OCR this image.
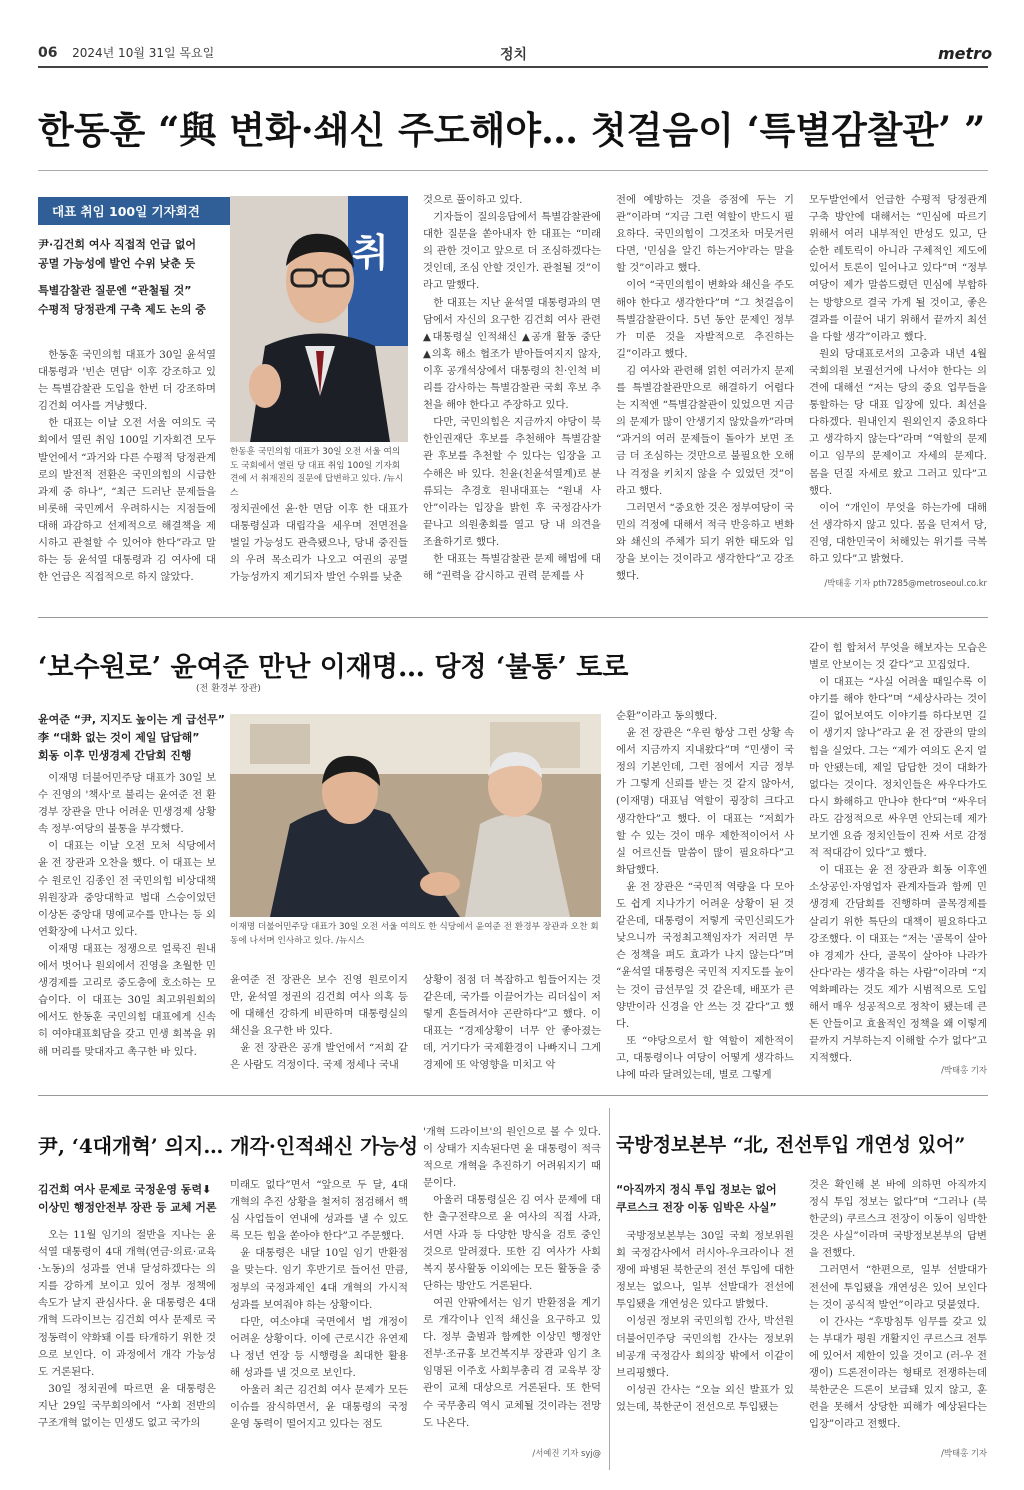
06 2024년 10월 31일 목요일	정치	metro
한동훈 “與 변화·쇄신 주도해야… 첫걸음이 ‘특별감찰관’ ”
대표 취임 100일 기자회견
尹·김건희 여사 직접적 언급 없어
공멸 가능성에 발언 수위 낮춘 듯
특별감찰관 질문엔 “관철될 것”
수평적 당정관계 구축 제도 논의 중

한동훈 국민의힘 대표가 30일 윤석열 대통령과 '빈손 면담' 이후 강조하고 있는 특별감찰관 도입을 한번 더 강조하며 김건희 여사를 겨냥했다.

한 대표는 이날 오전 서울 여의도 국회에서 열린 취임 100일 기자회견 모두 발언에서 “과거와 다른 수평적 당정관계로의 발전적 전환은 국민의힘의 시급한 과제 중 하나”, “최근 드러난 문제들을 비롯해 국민께서 우려하시는 지점들에 대해 과감하고 선제적으로 해결책을 제시하고 관철할 수 있어야 한다”라고 말하는 등 윤석열 대통령과 김 여사에 대한 언급은 직접적으로 하지 않았다.

취
한동훈 국민의힘 대표가 30일 오전 서울 여의도 국회에서 열린 당 대표 취임 100일 기자회견에 서 취재진의 질문에 답변하고 있다. /뉴시스

정치권에선 윤·한 면담 이후 한 대표가 대통령실과 대립각을 세우며 전면전을 벌일 가능성도 관측됐으나, 당내 중진들의 우려 목소리가 나오고 여권의 공멸 가능성까지 제기되자 발언 수위를 낮춘

것으로 풀이하고 있다.

기자들이 질의응답에서 특별감찰관에 대한 질문을 쏟아내자 한 대표는 “미래의 관한 것이고 앞으로 더 조심하겠다는 것인데, 조심 안할 것인가. 관철될 것”이라고 말했다.

한 대표는 지난 윤석열 대통령과의 면담에서 자신의 요구한 김건희 여사 관련 ▲대통령실 인적쇄신 ▲공개 활동 중단 ▲의혹 해소 협조가 받아들여지지 않자, 이후 공개석상에서 대통령의 친·인척 비리를 감사하는 특별감찰관 국회 후보 추천을 해야 한다고 주장하고 있다.

다만, 국민의힘은 지금까지 야당이 북한인권재단 후보를 추천해야 특별감찰관 후보를 추천할 수 있다는 입장을 고수해은 바 있다. 친윤(친윤석열계)로 분류되는 추경호 원내대표는 “원내 사안”이라는 입장을 밝힌 후 국정감사가 끝나고 의원총회를 열고 당 내 의견을 조율하기로 했다.

한 대표는 특별감찰관 문제 해법에 대해 “권력을 감시하고 권력 문제를 사

전에 예방하는 것을 증점에 두는 기관”이라며 “지금 그런 역할이 반드시 필요하다. 국민의힘이 그것조차 머뭇거린다면, '민심을 알긴 하는거야'라는 말을 할 것”이라고 했다.

이어 “국민의힘이 변화와 쇄신을 주도해야 한다고 생각한다”며 “그 첫걸음이 특별감찰관이다. 5년 동안 문제인 정부가 미룬 것을 자발적으로 추진하는 길”이라고 했다.

김 여사와 관련해 얽힌 여러가지 문제를 특별감찰관만으로 해결하기 어렵다는 지적엔 “특별감찰관이 있었으면 지금의 문제가 많이 안생기지 않았을까”라며 “과거의 여러 문제들이 돌아가 보면 조금 더 조심하는 것만으로 불필요한 오해나 걱정을 키치지 않을 수 있었던 것”이라고 했다.

그러면서 “중요한 것은 정부여당이 국민의 걱정에 대해서 적극 반응하고 변화와 쇄신의 주체가 되기 위한 태도와 입장을 보이는 것이라고 생각한다”고 강조했다.

모두발언에서 언급한 수평적 당정관계 구축 방안에 대해서는 “민심에 따르기 위해서 여러 내부적인 반성도 있고, 단순한 레토릭이 아니라 구체적인 제도에 있어서 토론이 일어나고 있다”며 “정부여당이 제가 말씀드렸던 민심에 부합하는 방향으로 결국 가게 될 것이고, 좋은 결과를 이끌어 내기 위해서 끝까지 최선을 다할 생각”이라고 했다.

원외 당대표로서의 고충과 내년 4월 국회의원 보궐선거에 나서야 한다는 의견에 대해선 “저는 당의 중요 업무들을 통할하는 당 대표 입장에 있다. 최선을 다하겠다. 원내인지 원외인지 중요하다고 생각하지 않는다”라며 “역할의 문제이고 임무의 문제이고 자세의 문제다. 몸을 던질 자세로 왔고 그러고 있다”고 했다.

이어 “개인이 무엇을 하는가에 대해 선 생각하지 않고 있다. 몸을 던져서 당, 진영, 대한민국이 처해있는 위기를 극복하고 있다”고 밝혔다.

/박태홍 기자 pth7285@metroseoul.co.kr
‘보수원로’ 윤여준 만난 이재명… 당정 ‘불통’ 토로
(전 환경부 장관)
윤여준 “尹, 지지도 높이는 게 급선무”
李 “대화 없는 것이 제일 답답해”
회동 이후 민생경제 간담회 진행

이재명 더불어민주당 대표가 30일 보수 진영의 '책사'로 불리는 윤여준 전 환경부 장관을 만나 어려운 민생경제 상황 속 정부·여당의 불통을 부각했다.

이 대표는 이날 오전 모처 식당에서 윤 전 장관과 오찬을 했다. 이 대표는 보수 원로인 김종인 전 국민의힘 비상대책위원장과 중앙대학교 법대 스승이었던 이상돈 중앙대 명예교수를 만나는 등 외연확장에 나서고 있다.

이재명 대표는 정쟁으로 얼룩진 원내에서 벗어나 원외에서 진영을 초월한 민생경제를 고리로 중도층에 호소하는 모습이다. 이 대표는 30일 최고위원회의에서도 한동훈 국민의힘 대표에게 신속히 여야대표회담을 갖고 민생 회복을 위해 머리를 맞대자고 촉구한 바 있다.

이재명 더불어민주당 대표가 30일 오전 서울 여의도 한 식당에서 윤여준 전 환경부 장관과 오찬 회동에 나서며 인사하고 있다. /뉴시스

윤여준 전 장관은 보수 진영 원로이지만, 윤석열 정권의 김건희 여사 의혹 등에 대해선 강하게 비판하며 대통령실의 쇄신을 요구한 바 있다.

윤 전 장관은 공개 발언에서 “저희 같은 사람도 걱정이다. 국제 정세나 국내

상황이 점점 더 복잡하고 힘들어지는 것 같은데, 국가를 이끌어가는 리더십이 저렇게 흔들려서야 곤란하다”고 했다. 이 대표는 “경제상황이 너무 안 좋아졌는데, 거기다가 국제환경이 나빠지니 그게 경제에 또 악영향을 미치고 악

순환”이라고 동의했다.

윤 전 장관은 “우린 항상 그런 상황 속에서 지금까지 지내왔다”며 “민생이 국정의 기본인데, 그런 점에서 지금 정부가 그렇게 신뢰를 받는 것 같지 않아서, (이재명) 대표님 역할이 굉장히 크다고 생각한다”고 했다. 이 대표는 “저희가 할 수 있는 것이 매우 제한적이어서 사실 어르신들 말씀이 많이 필요하다”고 화답했다.

윤 전 장관은 “국민적 역량을 다 모아도 쉽게 지나가기 어려운 상황이 된 것 같은데, 대통령이 저렇게 국민신뢰도가 낮으니까 국정최고책임자가 저러면 무슨 정책을 펴도 효과가 나지 않는다”며 “윤석열 대통령은 국민적 지지도를 높이는 것이 급선무일 것 같은데, 배포가 큰 양반이라 신경을 안 쓰는 것 같다”고 했다.

또 “야당으로서 할 역할이 제한적이고, 대통령이나 여당이 어떻게 생각하느냐에 따라 달려있는데, 별로 그렇게

같이 힘 합쳐서 무엇을 해보자는 모습은 별로 안보이는 것 같다”고 꼬집었다.

이 대표는 “사실 어려울 때일수록 이야기를 해야 한다”며 “세상사라는 것이 길이 없어보여도 이야기를 하다보면 길이 생기지 않나”라고 윤 전 장관의 말의 힘을 실었다. 그는 “제가 여의도 온지 얼마 안됐는데, 제일 답답한 것이 대화가 없다는 것이다. 정치인들은 싸우다가도 다시 화해하고 만나야 한다”며 “싸우더라도 감정적으로 싸우면 안되는데 제가 보기엔 요즘 정치인들이 진짜 서로 감정적 적대감이 있다”고 했다.

이 대표는 윤 전 장관과 회동 이후엔 소상공인·자영업자 관계자들과 함께 민생경제 간담회를 진행하며 골목경제를 살리기 위한 특단의 대책이 필요하다고 강조했다. 이 대표는 “저는 '골목이 살아야 경제가 산다, 골목이 살아야 나라가 산다'라는 생각을 하는 사람”이라며 “지역화폐라는 것도 제가 시범적으로 도입해서 매우 성공적으로 정착이 됐는데 큰 돈 안들이고 효율적인 정책을 왜 이렇게 끝까지 거부하는지 이해할 수가 없다”고 지적했다.

/박태홍 기자
尹, ‘4대개혁’ 의지… 개각·인적쇄신 가능성
김건희 여사 문제로 국정운영 동력⬇
이상민 행정안전부 장관 등 교체 거론

오는 11월 임기의 절반을 지나는 윤석열 대통령이 4대 개혁(연금·의료·교육·노동)의 성과를 연내 달성하겠다는 의지를 강하게 보이고 있어 정부 정책에 속도가 날지 관심사다. 윤 대통령은 4대 개혁 드라이브는 김건희 여사 문제로 국정동력이 약화돼 이를 타개하기 위한 것으로 보인다. 이 과정에서 개각 가능성도 거론된다.

30일 정치권에 따르면 윤 대통령은 지난 29일 국무회의에서 “사회 전반의 구조개혁 없이는 민생도 없고 국가의

미래도 없다”면서 “앞으로 두 달, 4대 개혁의 추진 상황을 철저히 점검해서 핵심 사업들이 연내에 성과를 낼 수 있도록 모든 힘을 쏟아야 한다”고 주문했다.

윤 대통령은 내달 10일 임기 반환점을 맞는다. 임기 후반기로 들어선 만큼, 정부의 국정과제인 4대 개혁의 가시적 성과를 보여줘야 하는 상황이다.

다만, 여소야대 국면에서 법 개정이 어려운 상황이다. 이에 근로시간 유연제나 정년 연장 등 시행령을 최대한 활용해 성과를 낼 것으로 보인다.

아울러 최근 김건희 여사 문제가 모든 이슈를 잠식하면서, 윤 대통령의 국정 운영 동력이 떨어지고 있다는 점도

'개혁 드라이브'의 원인으로 볼 수 있다. 이 상태가 지속된다면 윤 대통령이 적극적으로 개혁을 추진하기 어려워지기 때문이다.

아울러 대통령실은 김 여사 문제에 대한 출구전략으로 윤 여사의 직접 사과, 서면 사과 등 다양한 방식을 검토 중인 것으로 알려졌다. 또한 김 여사가 사회복지 봉사활동 이외에는 모든 활동을 중단하는 방안도 거론된다.

여권 안팎에서는 임기 반환점을 계기로 개각이나 인적 쇄신을 요구하고 있다. 정부 출범과 함께한 이상민 행정안전부·조규홍 보건복지부 장관과 임기 초 임명된 이주호 사회부총리 겸 교육부 장관이 교체 대상으로 거론된다. 또 한덕수 국무총리 역시 교체될 것이라는 전망도 나온다.

/서예진 기자 syj@
국방정보본부 “北, 전선투입 개연성 있어”
“아직까지 정식 투입 정보는 없어
쿠르스크 전장 이동 임박은 사실”

국방정보본부는 30일 국회 정보위원회 국정감사에서 러시아-우크라이나 전쟁에 파병된 북한군의 전선 투입에 대한 정보는 없으나, 일부 선발대가 전선에 투입됐을 개연성은 있다고 밝혔다.

이성권 정보위 국민의힘 간사, 박선원 더불어민주당 국민의힘 간사는 정보위 비공개 국정감사 회의장 밖에서 이같이 브리핑했다.

이성권 간사는 “오늘 외신 발표가 있었는데, 북한군이 전선으로 투입됐는

것은 확인해 본 바에 의하면 아직까지 정식 투입 정보는 없다”며 “그러나 (북한군의) 쿠르스크 전장이 이동이 임박한 것은 사실”이라며 국방정보본부의 답변을 전했다.

그러면서 “한편으로, 일부 선발대가 전선에 투입됐을 개연성은 있어 보인다는 것이 공식적 발언”이라고 덧붙였다.

이 간사는 “후방침투 임무를 갖고 있는 부대가 평원 개활지인 쿠르스크 전투에 있어서 제한이 있을 것이고 (러-우 전쟁이) 드론전이라는 형태로 전쟁하는데 북한군은 드론이 보급돼 있지 않고, 훈련을 못해서 상당한 피해가 예상된다는 입장”이라고 전했다.

/박태홍 기자
